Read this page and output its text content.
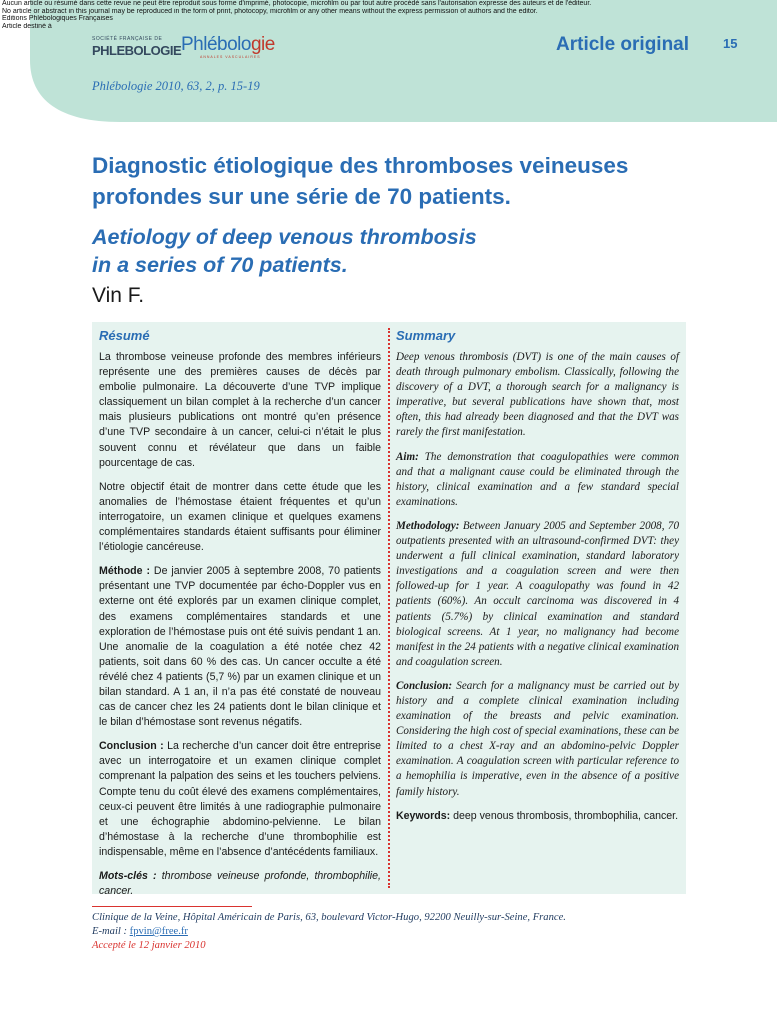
Aucun article ou résumé dans cette revue ne peut être reproduit sous forme d'imprimé, photocopie, microfilm ou par tout autre procédé sans l'autorisation expresse des auteurs et de l'éditeur.
No article or abstract in this journal may be reproduced in the form of print, photocopy, microfilm or any other means without the express permission of authors and the editor.
Editions Phlébologiques Françaises
Article destiné à
SOCIÉTÉ FRANÇAISE DE
PHLEBOLOGIE Phlébologie
ANNALES VASCULAIRES
Article original	15
Phlébologie 2010, 63, 2, p. 15-19
Diagnostic étiologique des thromboses veineuses
profondes sur une série de 70 patients.
Aetiology of deep venous thrombosis
in a series of 70 patients.
Vin F.
Résumé

La thrombose veineuse profonde des membres inférieurs représente une des premières causes de décès par embolie pulmonaire. La découverte d’une TVP implique classiquement un bilan complet à la recherche d’un cancer mais plusieurs publications ont montré qu’en présence d’une TVP secondaire à un cancer, celui-ci n’était le plus souvent connu et révélateur que dans un faible pourcentage de cas.

Notre objectif était de montrer dans cette étude que les anomalies de l’hémostase étaient fréquentes et qu’un interrogatoire, un examen clinique et quelques examens complémentaires standards étaient suffisants pour éliminer l’étiologie cancéreuse.

Méthode : De janvier 2005 à septembre 2008, 70 patients présentant une TVP documentée par écho-Doppler vus en externe ont été explorés par un examen clinique complet, des examens complémentaires standards et une exploration de l’hémostase puis ont été suivis pendant 1 an. Une anomalie de la coagulation a été notée chez 42 patients, soit dans 60 % des cas. Un cancer occulte a été révélé chez 4 patients (5,7 %) par un examen clinique et un bilan standard. A 1 an, il n’a pas été constaté de nouveau cas de cancer chez les 24 patients dont le bilan clinique et le bilan d’hémostase sont revenus négatifs.

Conclusion : La recherche d’un cancer doit être entreprise avec un interrogatoire et un examen clinique complet comprenant la palpation des seins et les touchers pelviens. Compte tenu du coût élevé des examens complémentaires, ceux-ci peuvent être limités à une radiographie pulmonaire et une échographie abdomino-pelvienne. Le bilan d’hémostase à la recherche d’une thrombophilie est indispensable, même en l’absence d’antécédents familiaux.

Mots-clés : thrombose veineuse profonde, thrombophilie, cancer.

Summary

Deep venous thrombosis (DVT) is one of the main causes of death through pulmonary embolism. Classically, following the discovery of a DVT, a thorough search for a malignancy is imperative, but several publications have shown that, most often, this had already been diagnosed and that the DVT was rarely the first manifestation.

Aim: The demonstration that coagulopathies were common and that a malignant cause could be eliminated through the history, clinical examination and a few standard special examinations.

Methodology: Between January 2005 and September 2008, 70 outpatients presented with an ultrasound-confirmed DVT: they underwent a full clinical examination, standard laboratory investigations and a coagulation screen and were then followed-up for 1 year. A coagulopathy was found in 42 patients (60%). An occult carcinoma was discovered in 4 patients (5.7%) by clinical examination and standard biological screens. At 1 year, no malignancy had become manifest in the 24 patients with a negative clinical examination and coagulation screen.

Conclusion: Search for a malignancy must be carried out by history and a complete clinical examination including examination of the breasts and pelvic examination. Considering the high cost of special examinations, these can be limited to a chest X-ray and an abdomino-pelvic Doppler examination. A coagulation screen with particular reference to a hemophilia is imperative, even in the absence of a positive family history.

Keywords: deep venous thrombosis, thrombophilia, cancer.

Clinique de la Veine, Hôpital Américain de Paris, 63, boulevard Victor-Hugo, 92200 Neuilly-sur-Seine, France.
E-mail : fpvin@free.fr
Accepté le 12 janvier 2010
